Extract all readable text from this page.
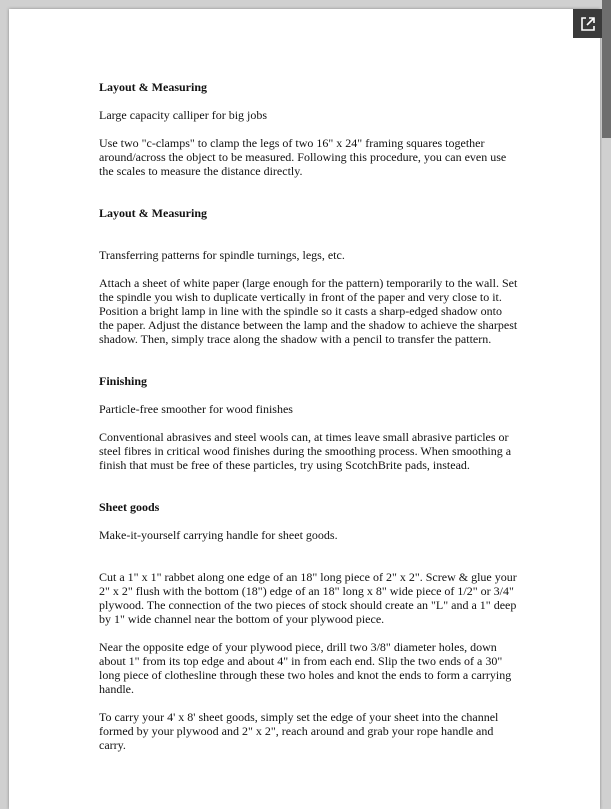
Layout & Measuring

Large capacity calliper for big jobs

Use two "c-clamps" to clamp the legs of two 16" x 24" framing squares together around/across the object to be measured. Following this procedure, you can even use the scales to measure the distance directly.

Layout & Measuring

Transferring patterns for spindle turnings, legs, etc.

Attach a sheet of white paper (large enough for the pattern) temporarily to the wall. Set the spindle you wish to duplicate vertically in front of the paper and very close to it. Position a bright lamp in line with the spindle so it casts a sharp-edged shadow onto the paper. Adjust the distance between the lamp and the shadow to achieve the sharpest shadow. Then, simply trace along the shadow with a pencil to transfer the pattern.

Finishing

Particle-free smoother for wood finishes

Conventional abrasives and steel wools can, at times leave small abrasive particles or steel fibres in critical wood finishes during the smoothing process. When smoothing a finish that must be free of these particles, try using ScotchBrite pads, instead.

Sheet goods

Make-it-yourself carrying handle for sheet goods.

Cut a 1" x 1" rabbet along one edge of an 18" long piece of 2" x 2". Screw & glue your 2" x 2" flush with the bottom (18") edge of an 18" long x 8" wide piece of 1/2" or 3/4" plywood. The connection of the two pieces of stock should create an "L" and a 1" deep by 1" wide channel near the bottom of your plywood piece.

Near the opposite edge of your plywood piece, drill two 3/8" diameter holes, down about 1" from its top edge and about 4" in from each end. Slip the two ends of a 30" long piece of clothesline through these two holes and knot the ends to form a carrying handle.

To carry your 4' x 8' sheet goods, simply set the edge of your sheet into the channel formed by your plywood and 2" x 2", reach around and grab your rope handle and carry.
